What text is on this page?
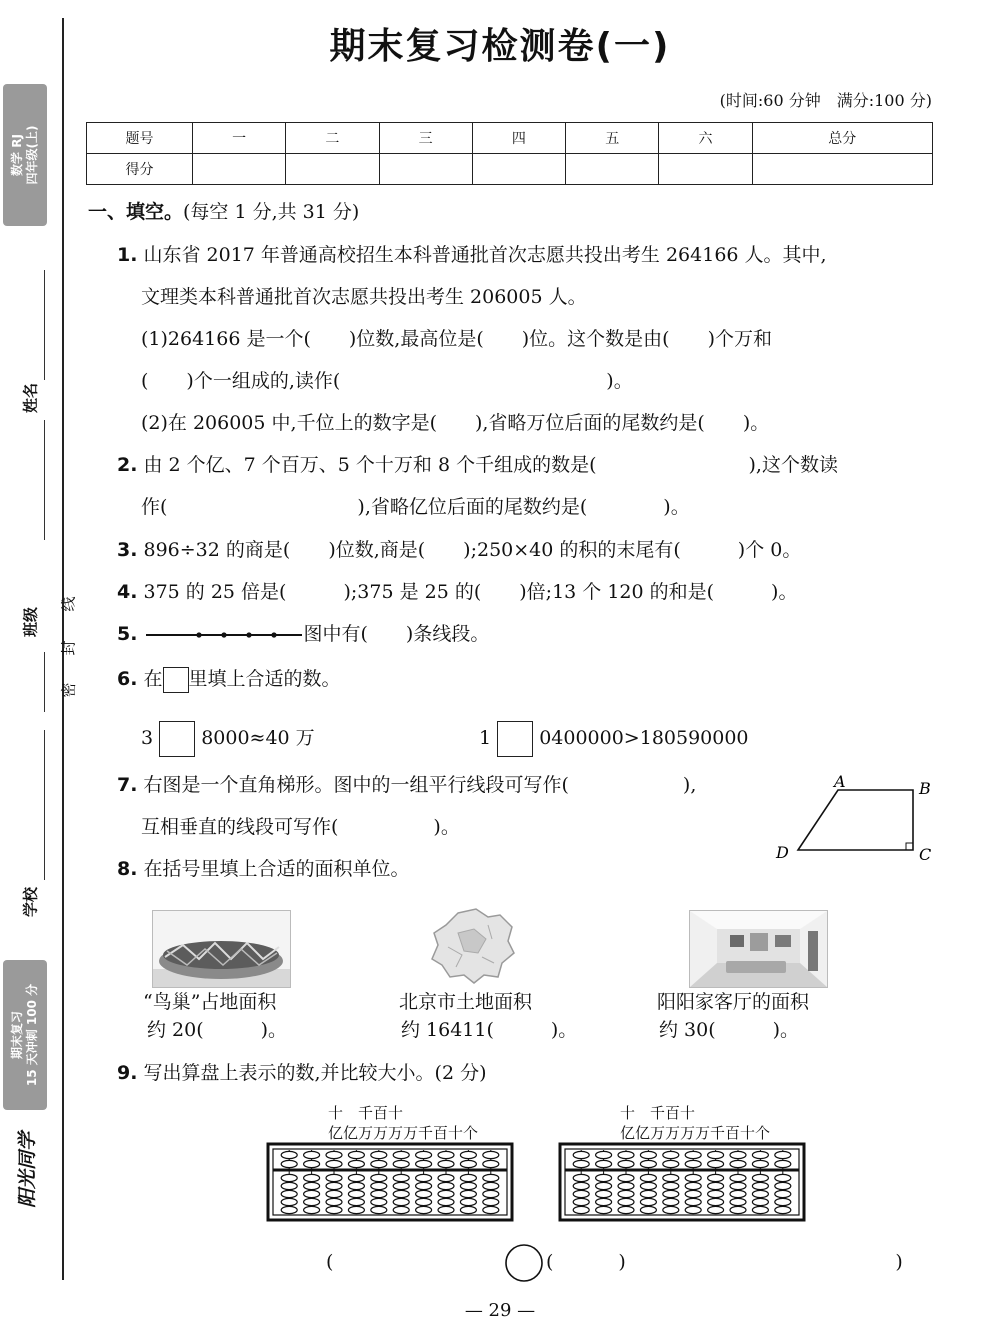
数学 RJ 四年级(上)
姓名
班级
线
封
密
学校
期末复习 15 天冲刺 100 分
阳光同学
期末复习检测卷(一)
(时间:60 分钟　满分:100 分)
题号	一	二	三	四	五	六	总分
得分							
一、填空。(每空 1 分,共 31 分)
1. 山东省 2017 年普通高校招生本科普通批首次志愿共投出考生 264166 人。其中,
文理类本科普通批首次志愿共投出考生 206005 人。
(1)264166 是一个(　　)位数,最高位是(　　)位。这个数是由(　　)个万和
(　　)个一组成的,读作(　　　　　　　　　　　　　　)。
(2)在 206005 中,千位上的数字是(　　),省略万位后面的尾数约是(　　)。
2. 由 2 个亿、7 个百万、5 个十万和 8 个千组成的数是(　　　　　　　　),这个数读
作(　　　　　　　　　　),省略亿位后面的尾数约是(　　　　)。
3. 896÷32 的商是(　　)位数,商是(　　);250×40 的积的末尾有(　　　)个 0。
4. 375 的 25 倍是(　　　);375 是 25 的(　　)倍;13 个 120 的和是(　　　)。
5.	图中有(　　)条线段。
6. 在 里填上合适的数。
3	8000≈40 万	1	0400000>180590000
7. 右图是一个直角梯形。图中的一组平行线段可写作(　　　　　　),
互相垂直的线段可写作(　　　　　)。
A	B
C
D
8. 在括号里填上合适的面积单位。
“鸟巢”占地面积
约 20(　　　)。
北京市土地面积
约 16411(　　　)。
阳阳家客厅的面积
约 30(　　　)。
9. 写出算盘上表示的数,并比较大小。(2 分)
十　千百十
亿亿万万万万千百十个
十　千百十
亿亿万万万万千百十个
(　　　　　　　　　　　　　　　)
(　　　　　　　　　　　　　　　　　　)
— 29 —
